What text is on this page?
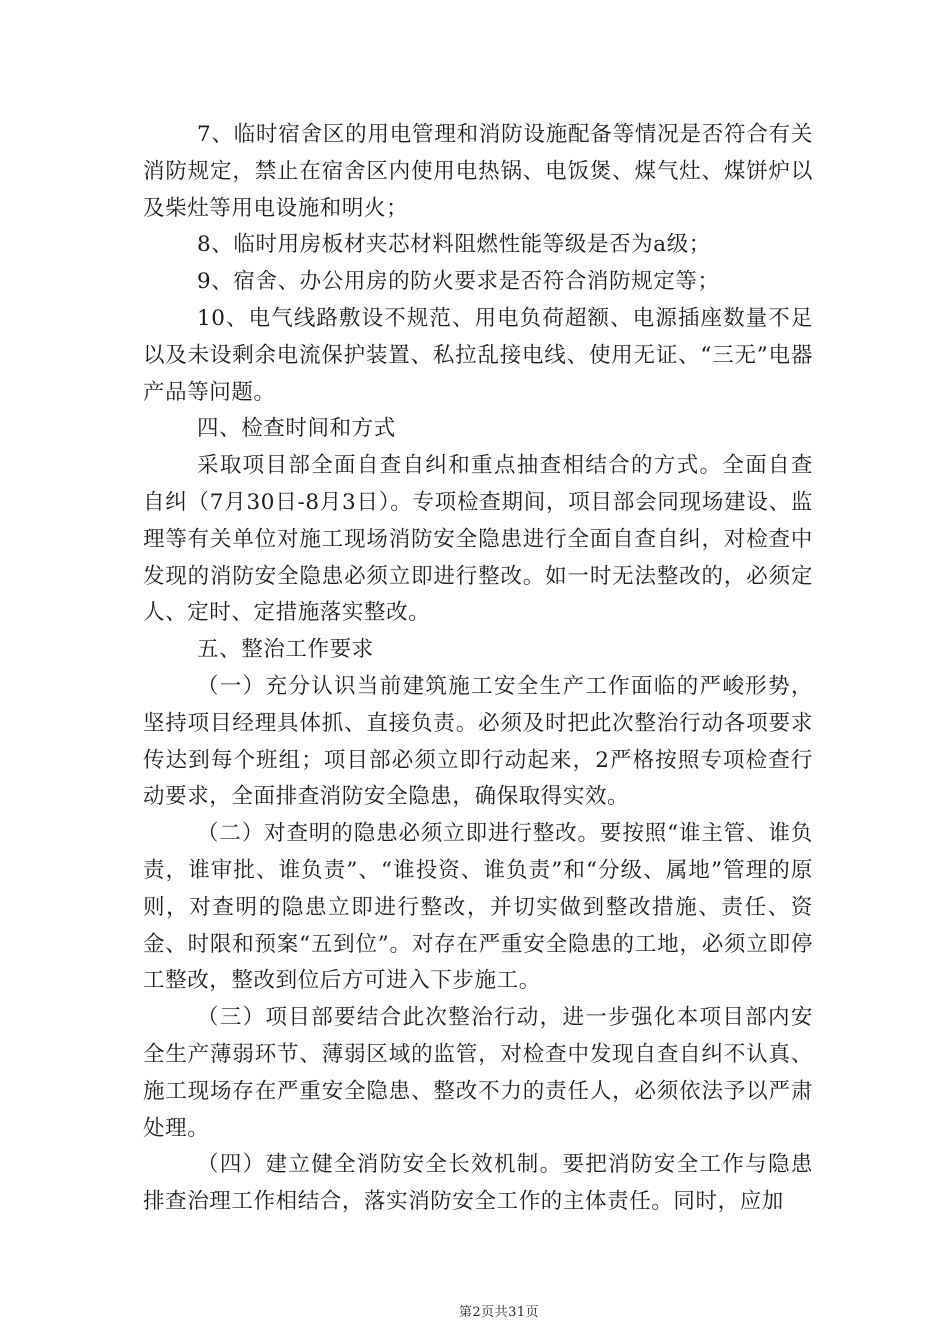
7、临时宿舍区的用电管理和消防设施配备等情况是否符合有关消防规定，禁止在宿舍区内使用电热锅、电饭煲、煤气灶、煤饼炉以及柴灶等用电设施和明火；

8、临时用房板材夹芯材料阻燃性能等级是否为a级；

9、宿舍、办公用房的防火要求是否符合消防规定等；

10、电气线路敷设不规范、用电负荷超额、电源插座数量不足以及未设剩余电流保护装置、私拉乱接电线、使用无证、“三无”电器产品等问题。

四、检查时间和方式

采取项目部全面自查自纠和重点抽查相结合的方式。全面自查自纠（7月30日-8月3日）。专项检查期间，项目部会同现场建设、监理等有关单位对施工现场消防安全隐患进行全面自查自纠，对检查中发现的消防安全隐患必须立即进行整改。如一时无法整改的，必须定人、定时、定措施落实整改。

五、整治工作要求

（一）充分认识当前建筑施工安全生产工作面临的严峻形势，坚持项目经理具体抓、直接负责。必须及时把此次整治行动各项要求传达到每个班组；项目部必须立即行动起来，2严格按照专项检查行动要求，全面排查消防安全隐患，确保取得实效。

（二）对查明的隐患必须立即进行整改。要按照“谁主管、谁负责，谁审批、谁负责”、“谁投资、谁负责”和“分级、属地”管理的原则，对查明的隐患立即进行整改，并切实做到整改措施、责任、资金、时限和预案“五到位”。对存在严重安全隐患的工地，必须立即停工整改，整改到位后方可进入下步施工。

（三）项目部要结合此次整治行动，进一步强化本项目部内安全生产薄弱环节、薄弱区域的监管，对检查中发现自查自纠不认真、施工现场存在严重安全隐患、整改不力的责任人，必须依法予以严肃处理。

（四）建立健全消防安全长效机制。要把消防安全工作与隐患排查治理工作相结合，落实消防安全工作的主体责任。同时，应加

第2页共31页
